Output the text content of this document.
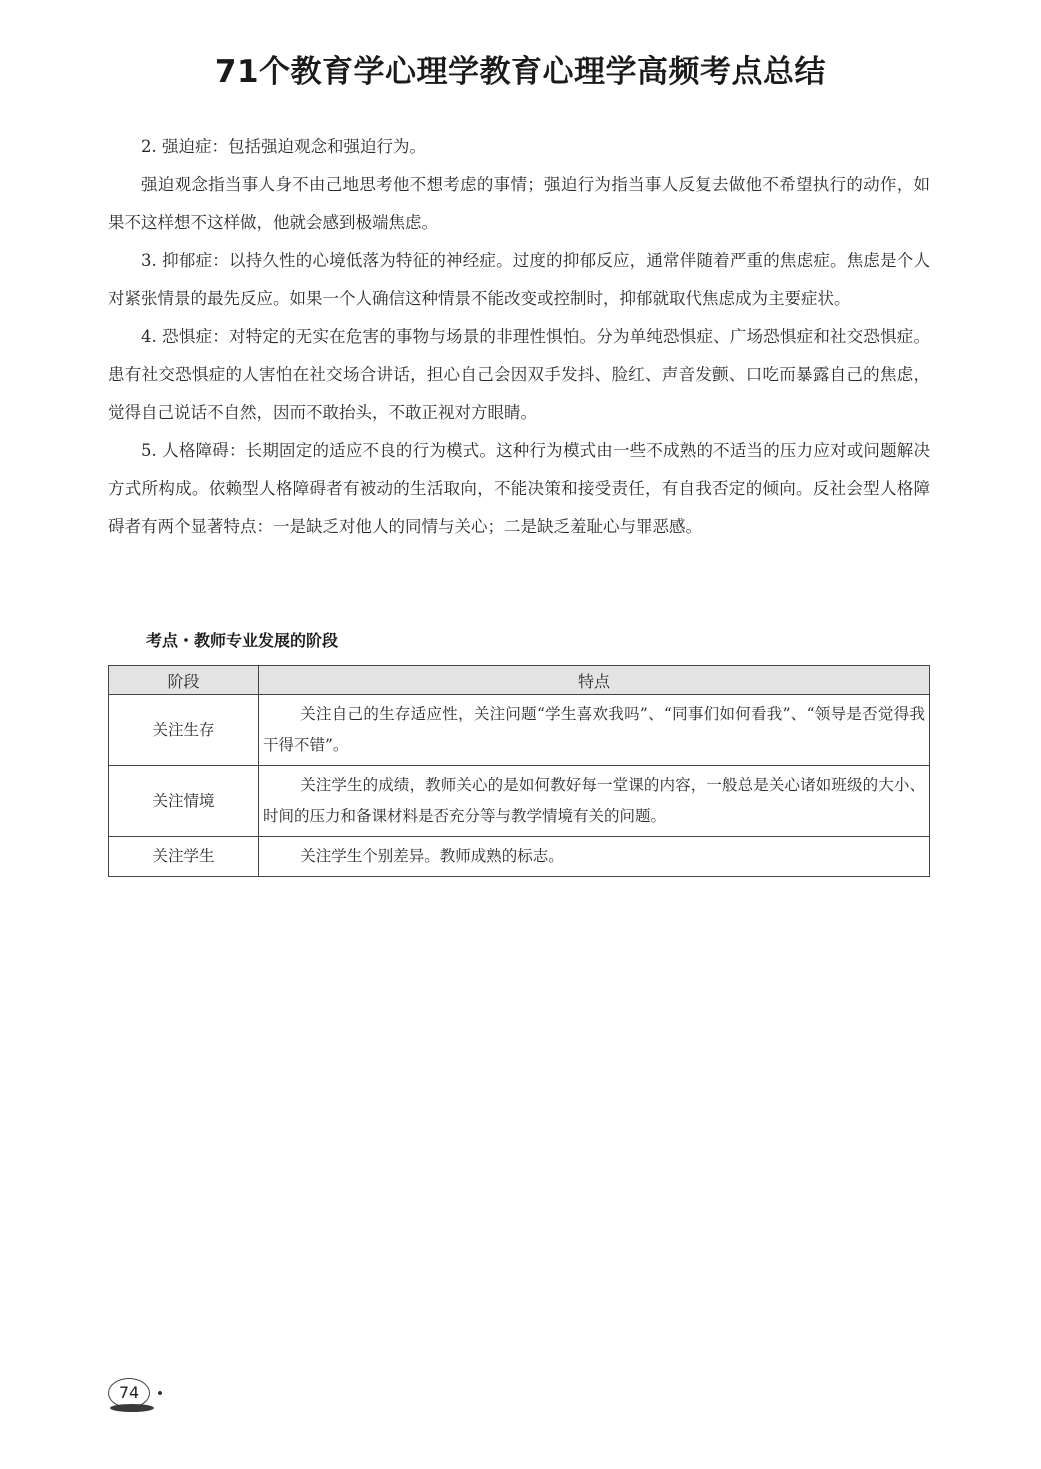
71个教育学心理学教育心理学高频考点总结

2. 强迫症：包括强迫观念和强迫行为。

强迫观念指当事人身不由己地思考他不想考虑的事情；强迫行为指当事人反复去做他不希望执行的动作，如果不这样想不这样做，他就会感到极端焦虑。

3. 抑郁症：以持久性的心境低落为特征的神经症。过度的抑郁反应，通常伴随着严重的焦虑症。焦虑是个人对紧张情景的最先反应。如果一个人确信这种情景不能改变或控制时，抑郁就取代焦虑成为主要症状。

4. 恐惧症：对特定的无实在危害的事物与场景的非理性惧怕。分为单纯恐惧症、广场恐惧症和社交恐惧症。患有社交恐惧症的人害怕在社交场合讲话，担心自己会因双手发抖、脸红、声音发颤、口吃而暴露自己的焦虑，觉得自己说话不自然，因而不敢抬头，不敢正视对方眼睛。

5. 人格障碍：长期固定的适应不良的行为模式。这种行为模式由一些不成熟的不适当的压力应对或问题解决方式所构成。依赖型人格障碍者有被动的生活取向，不能决策和接受责任，有自我否定的倾向。反社会型人格障碍者有两个显著特点：一是缺乏对他人的同情与关心；二是缺乏羞耻心与罪恶感。

考点・教师专业发展的阶段
阶段	特点
关注生存	关注自己的生存适应性，关注问题“学生喜欢我吗”、“同事们如何看我”、“领导是否觉得我干得不错”。
关注情境	关注学生的成绩，教师关心的是如何教好每一堂课的内容，一般总是关心诸如班级的大小、时间的压力和备课材料是否充分等与教学情境有关的问题。
关注学生	关注学生个别差异。教师成熟的标志。
74
